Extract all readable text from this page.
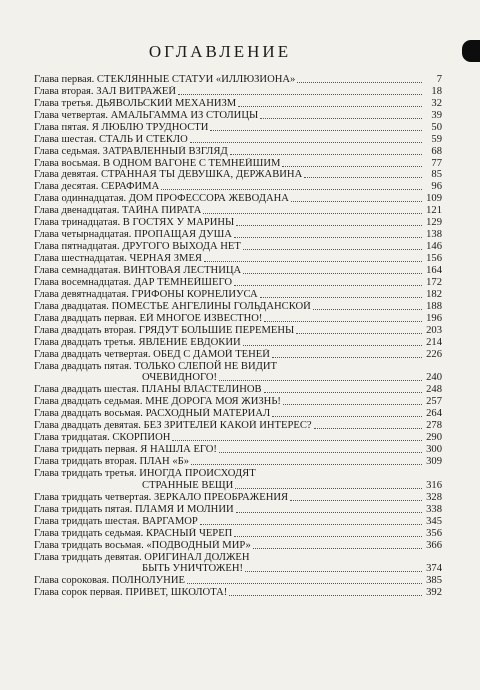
ОГЛАВЛЕНИЕ
Глава первая. СТЕКЛЯННЫЕ СТАТУИ «ИЛЛЮЗИОНА»	7
Глава вторая. ЗАЛ ВИТРАЖЕЙ	18
Глава третья. ДЬЯВОЛЬСКИЙ МЕХАНИЗМ	32
Глава четвертая. АМАЛЬГАММА ИЗ СТОЛИЦЫ	39
Глава пятая. Я ЛЮБЛЮ ТРУДНОСТИ	50
Глава шестая. СТАЛЬ И СТЕКЛО	59
Глава седьмая. ЗАТРАВЛЕННЫЙ ВЗГЛЯД	68
Глава восьмая. В ОДНОМ ВАГОНЕ С ТЕМНЕЙШИМ	77
Глава девятая. СТРАННАЯ ТЫ ДЕВУШКА, ДЕРЖАВИНА	85
Глава десятая. СЕРАФИМА	96
Глава одиннадцатая. ДОМ ПРОФЕССОРА ЖЕВОДАНА	109
Глава двенадцатая. ТАЙНА ПИРАТА	121
Глава тринадцатая. В ГОСТЯХ У МАРИНЫ	129
Глава четырнадцатая. ПРОПАЩАЯ ДУША	138
Глава пятнадцатая. ДРУГОГО ВЫХОДА НЕТ	146
Глава шестнадцатая. ЧЕРНАЯ ЗМЕЯ	156
Глава семнадцатая. ВИНТОВАЯ ЛЕСТНИЦА	164
Глава восемнадцатая. ДАР ТЕМНЕЙШЕГО	172
Глава девятнадцатая. ГРИФОНЫ КОРНЕЛИУСА	182
Глава двадцатая. ПОМЕСТЬЕ АНГЕЛИНЫ ГОЛЬДАНСКОЙ	188
Глава двадцать первая. ЕЙ МНОГОЕ ИЗВЕСТНО!	196
Глава двадцать вторая. ГРЯДУТ БОЛЬШИЕ ПЕРЕМЕНЫ	203
Глава двадцать третья. ЯВЛЕНИЕ ЕВДОКИИ	214
Глава двадцать четвертая. ОБЕД С ДАМОЙ ТЕНЕЙ	226
Глава двадцать пятая. ТОЛЬКО СЛЕПОЙ НЕ ВИДИТ
ОЧЕВИДНОГО!	240
Глава двадцать шестая. ПЛАНЫ ВЛАСТЕЛИНОВ	248
Глава двадцать седьмая. МНЕ ДОРОГА МОЯ ЖИЗНЬ!	257
Глава двадцать восьмая. РАСХОДНЫЙ МАТЕРИАЛ	264
Глава двадцать девятая. БЕЗ ЗРИТЕЛЕЙ КАКОЙ ИНТЕРЕС?	278
Глава тридцатая. СКОРПИОН	290
Глава тридцать первая. Я НАШЛА ЕГО!	300
Глава тридцать вторая. ПЛАН «Б»	309
Глава тридцать третья. ИНОГДА ПРОИСХОДЯТ
СТРАННЫЕ ВЕЩИ	316
Глава тридцать четвертая. ЗЕРКАЛО ПРЕОБРАЖЕНИЯ	328
Глава тридцать пятая. ПЛАМЯ И МОЛНИИ	338
Глава тридцать шестая. ВАРГАМОР	345
Глава тридцать седьмая. КРАСНЫЙ ЧЕРЕП	356
Глава тридцать восьмая. «ПОДВОДНЫЙ МИР»	366
Глава тридцать девятая. ОРИГИНАЛ ДОЛЖЕН
БЫТЬ УНИЧТОЖЕН!	374
Глава сороковая. ПОЛНОЛУНИЕ	385
Глава сорок первая. ПРИВЕТ, ШКОЛОТА!	392
